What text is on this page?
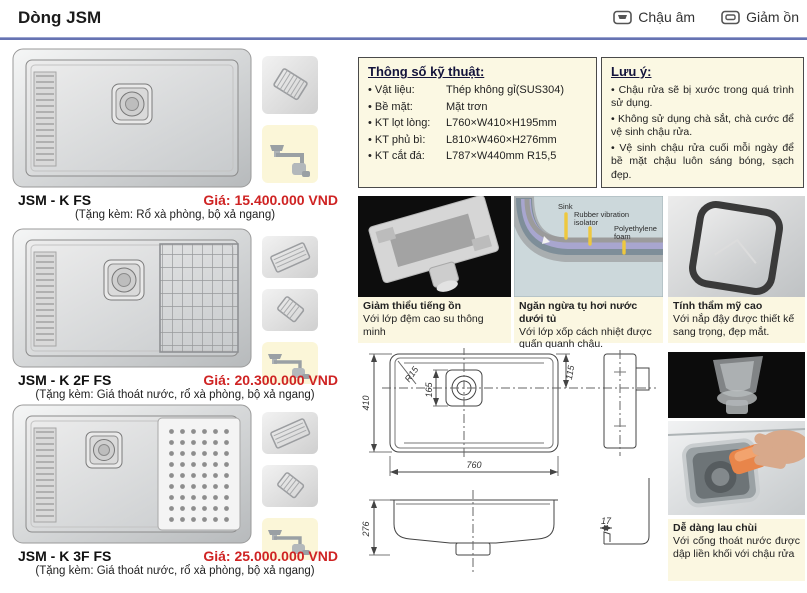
Dòng JSM	Chậu âm	Giảm ồn
JSM - K FS	Giá: 15.400.000 VND
(Tặng kèm: Rổ xà phòng, bộ xả ngang)
JSM - K 2F FS	Giá: 20.300.000 VND
(Tặng kèm: Giá thoát nước, rổ xà phòng, bộ xả ngang)
JSM - K 3F FS	Giá: 25.000.000 VND
(Tặng kèm: Giá thoát nước, rổ xà phòng, bộ xả ngang)
Thông số kỹ thuật:
• Vật liệu:	Thép không gỉ(SUS304)
• Bề mặt:	Mặt trơn
• KT lọt lòng:	L760×W410×H195mm
• KT phủ bì:	L810×W460×H276mm
• KT cắt đá:	L787×W440mm R15,5
Lưu ý:
• Chậu rửa sẽ bị xước trong quá trình sử dụng.
• Không sử dụng chà sắt, chà cước để vệ sinh chậu rửa.
• Vệ sinh chậu rửa cuối mỗi ngày để bề mặt chậu luôn sáng bóng, sạch đẹp.
Giảm thiểu tiếng ồn
Với lớp đệm cao su thông minh
Sink
Rubber vibration
isolator
Polyethylene
foam
Ngăn ngừa tụ hơi nước dưới tủ
Với lớp xốp cách nhiệt được quấn quanh chậu.
Tính thẩm mỹ cao
Với nắp đậy được thiết kế sang trọng, đẹp mắt.
410
165
R15	115
760
276
17
Dễ dàng lau chùi
Với cống thoát nước được dập liền khối với chậu rửa
